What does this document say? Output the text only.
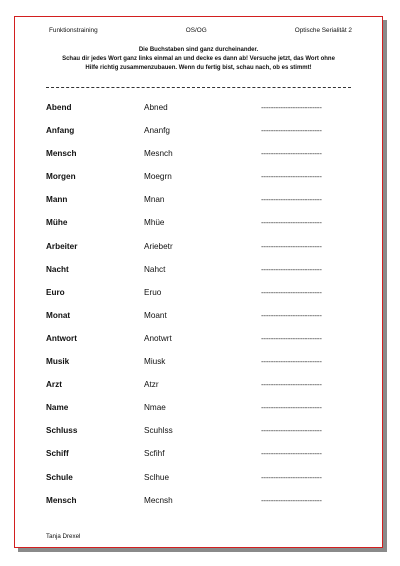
Funktionstraining	OS/OG	Optische Serialität 2
Die Buchstaben sind ganz durcheinander.
Schau dir jedes Wort ganz links einmal an und decke es dann ab! Versuche jetzt, das Wort ohne
Hilfe richtig zusammenzubauen. Wenn du fertig bist, schau nach, ob es stimmt!
Abend	Abned	-------------------------
Anfang	Ananfg	-------------------------
Mensch	Mesnch	-------------------------
Morgen	Moegrn	-------------------------
Mann	Mnan	-------------------------
Mühe	Mhüe	-------------------------
Arbeiter	Ariebetr	-------------------------
Nacht	Nahct	-------------------------
Euro	Eruo	-------------------------
Monat	Moant	-------------------------
Antwort	Anotwrt	-------------------------
Musik	Miusk	-------------------------
Arzt	Atzr	-------------------------
Name	Nmae	-------------------------
Schluss	Scuhlss	-------------------------
Schiff	Scfihf	-------------------------
Schule	Sclhue	-------------------------
Mensch	Mecnsh	-------------------------
Tanja Drexel
